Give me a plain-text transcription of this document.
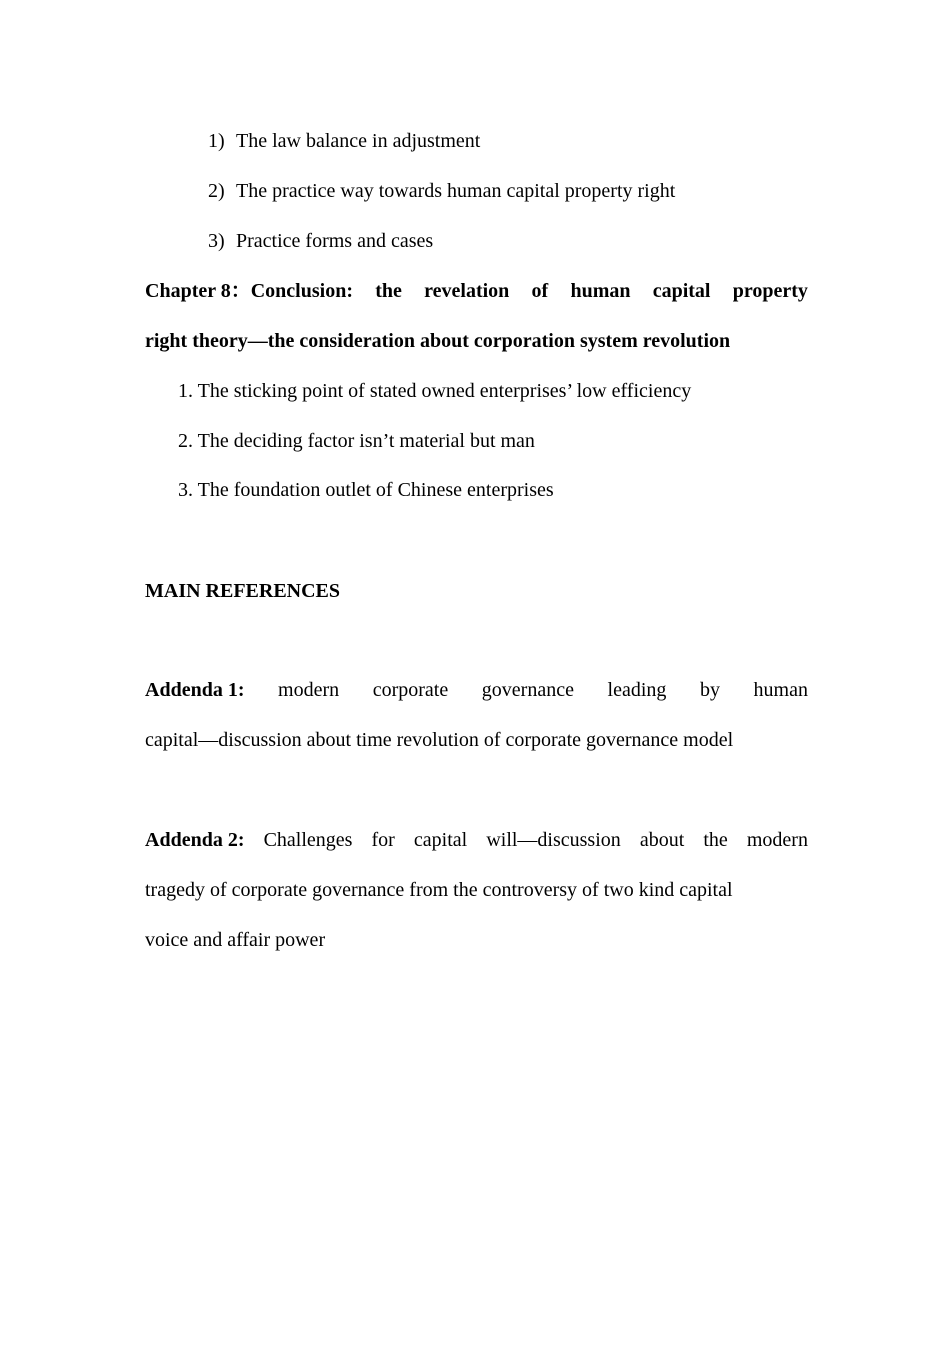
1) The law balance in adjustment
2) The practice way towards human capital property right
3) Practice forms and cases
Chapter 8：Conclusion: the revelation of human capital property
right theory—the consideration about corporation system revolution
1. The sticking point of stated owned enterprises’ low efficiency
2. The deciding factor isn’t material but man
3. The foundation outlet of Chinese enterprises
MAIN REFERENCES
Addenda 1: modern corporate governance leading by human
capital—discussion about time revolution of corporate governance model
Addenda 2: Challenges for capital will—discussion about the modern
tragedy of corporate governance from the controversy of two kind capital
voice and affair power
